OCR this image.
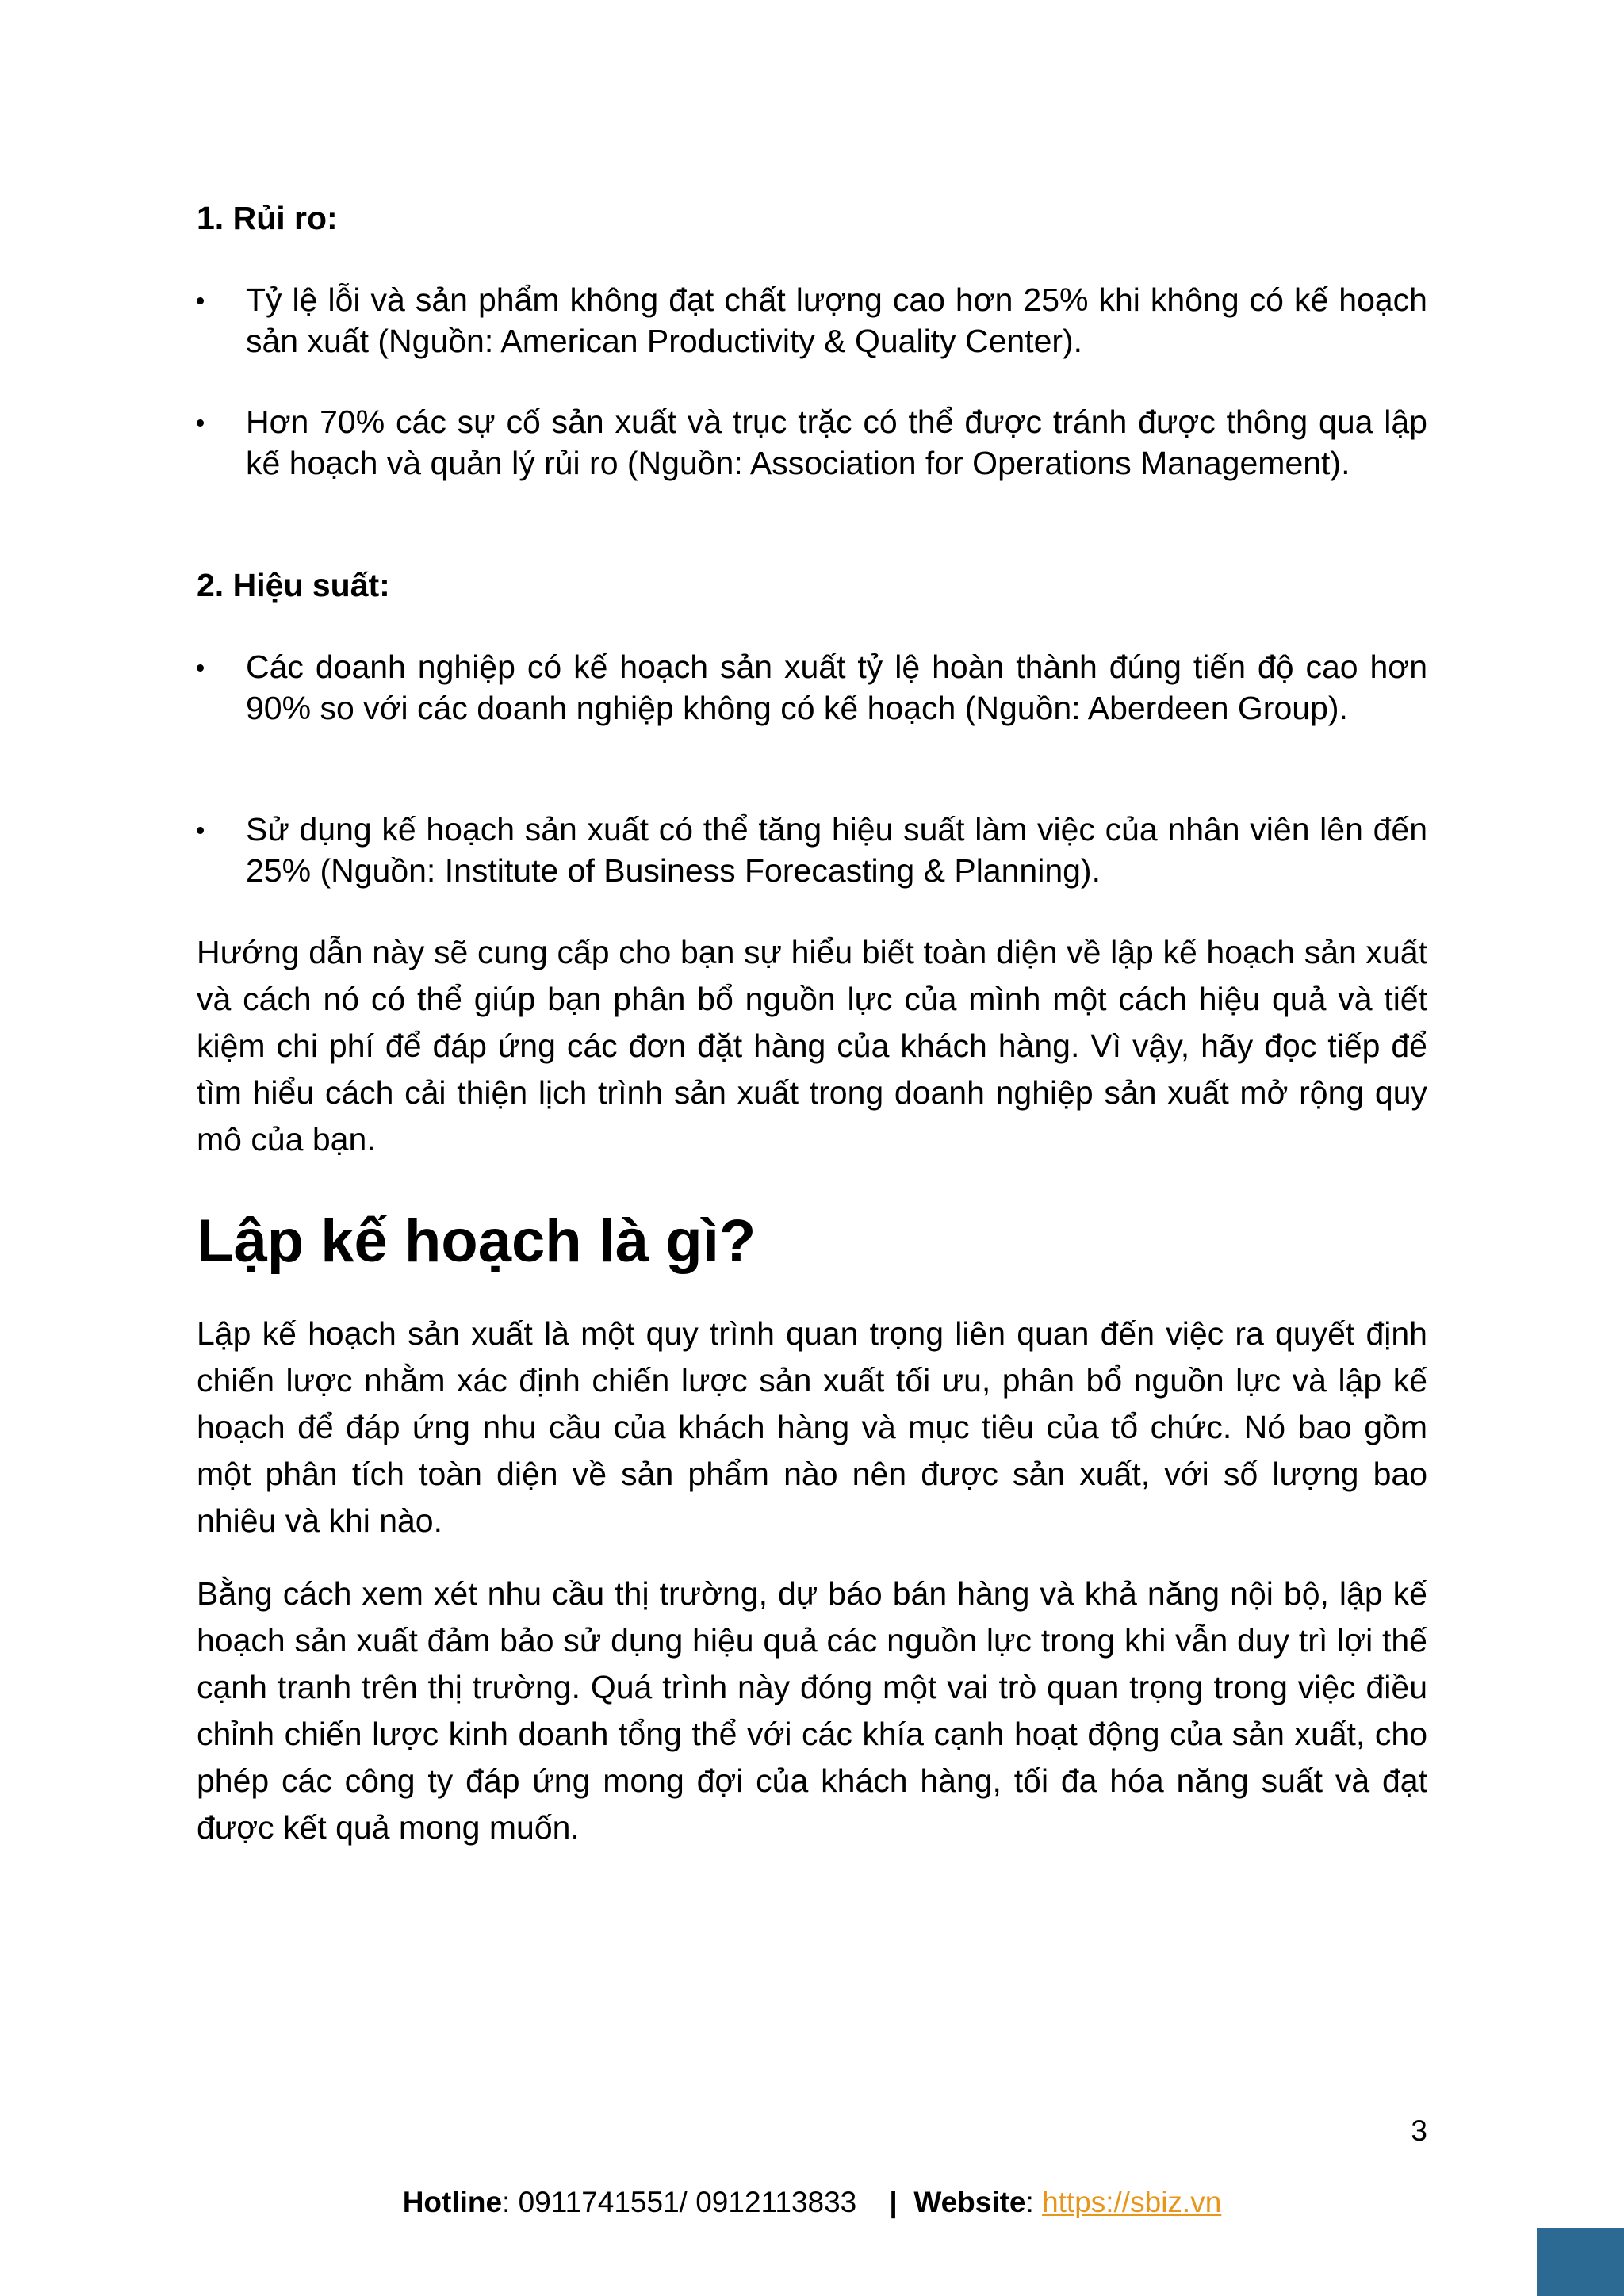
1. Rủi ro:
Tỷ lệ lỗi và sản phẩm không đạt chất lượng cao hơn 25% khi không có kế hoạch sản xuất (Nguồn: American Productivity & Quality Center).
Hơn 70% các sự cố sản xuất và trục trặc có thể được tránh được thông qua lập kế hoạch và quản lý rủi ro (Nguồn: Association for Operations Management).
2. Hiệu suất:
Các doanh nghiệp có kế hoạch sản xuất tỷ lệ hoàn thành đúng tiến độ cao hơn 90% so với các doanh nghiệp không có kế hoạch (Nguồn: Aberdeen Group).
Sử dụng kế hoạch sản xuất có thể tăng hiệu suất làm việc của nhân viên lên đến 25% (Nguồn: Institute of Business Forecasting & Planning).

Hướng dẫn này sẽ cung cấp cho bạn sự hiểu biết toàn diện về lập kế hoạch sản xuất và cách nó có thể giúp bạn phân bổ nguồn lực của mình một cách hiệu quả và tiết kiệm chi phí để đáp ứng các đơn đặt hàng của khách hàng. Vì vậy, hãy đọc tiếp để tìm hiểu cách cải thiện lịch trình sản xuất trong doanh nghiệp sản xuất mở rộng quy mô của bạn.

Lập kế hoạch là gì?

Lập kế hoạch sản xuất là một quy trình quan trọng liên quan đến việc ra quyết định chiến lược nhằm xác định chiến lược sản xuất tối ưu, phân bổ nguồn lực và lập kế hoạch để đáp ứng nhu cầu của khách hàng và mục tiêu của tổ chức. Nó bao gồm một phân tích toàn diện về sản phẩm nào nên được sản xuất, với số lượng bao nhiêu và khi nào.

Bằng cách xem xét nhu cầu thị trường, dự báo bán hàng và khả năng nội bộ, lập kế hoạch sản xuất đảm bảo sử dụng hiệu quả các nguồn lực trong khi vẫn duy trì lợi thế cạnh tranh trên thị trường. Quá trình này đóng một vai trò quan trọng trong việc điều chỉnh chiến lược kinh doanh tổng thể với các khía cạnh hoạt động của sản xuất, cho phép các công ty đáp ứng mong đợi của khách hàng, tối đa hóa năng suất và đạt được kết quả mong muốn.

3
Hotline: 0911741551/ 0912113833 | Website: https://sbiz.vn
